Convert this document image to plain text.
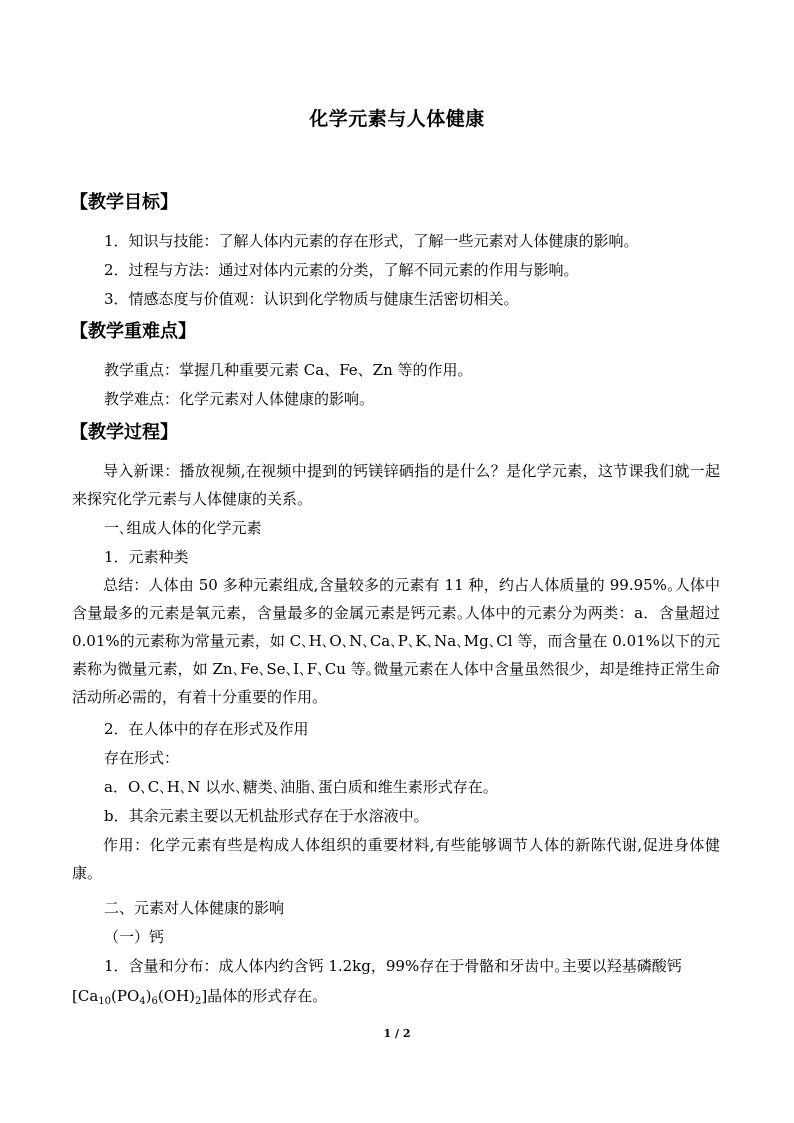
化学元素与人体健康
【教学目标】
1．知识与技能：了解人体内元素的存在形式，了解一些元素对人体健康的影响。
2．过程与方法：通过对体内元素的分类，了解不同元素的作用与影响。
3．情感态度与价值观：认识到化学物质与健康生活密切相关。
【教学重难点】
教学重点：掌握几种重要元素 Ca、Fe、Zn 等的作用。
教学难点：化学元素对人体健康的影响。
【教学过程】

导入新课：播放视频,在视频中提到的钙镁锌硒指的是什么？是化学元素，这节课我们就一起来探究化学元素与人体健康的关系。

一､组成人体的化学元素
1．元素种类

总结：人体由 50 多种元素组成,含量较多的元素有 11 种，约占人体质量的 99.95%｡人体中含量最多的元素是氧元素，含量最多的金属元素是钙元素｡人体中的元素分为两类：a．含量超过 0.01%的元素称为常量元素，如 C､H､O､N､Ca､P､K､Na､Mg､Cl 等，而含量在 0.01%以下的元素称为微量元素，如 Zn､Fe､Se､I､F､Cu 等｡微量元素在人体中含量虽然很少，却是维持正常生命活动所必需的，有着十分重要的作用。

2．在人体中的存在形式及作用
存在形式：
a．O､C､H､N 以水､糖类､油脂､蛋白质和维生素形式存在。
b．其余元素主要以无机盐形式存在于水溶液中。

作用：化学元素有些是构成人体组织的重要材料,有些能够调节人体的新陈代谢,促进身体健康。

二、元素对人体健康的影响
（一）钙
1．含量和分布：成人体内约含钙 1.2kg，99%存在于骨骼和牙齿中｡主要以羟基磷酸钙
$[Ca_{10}(PO_4)_6(OH)_2]$晶体的形式存在。
1 / 2
